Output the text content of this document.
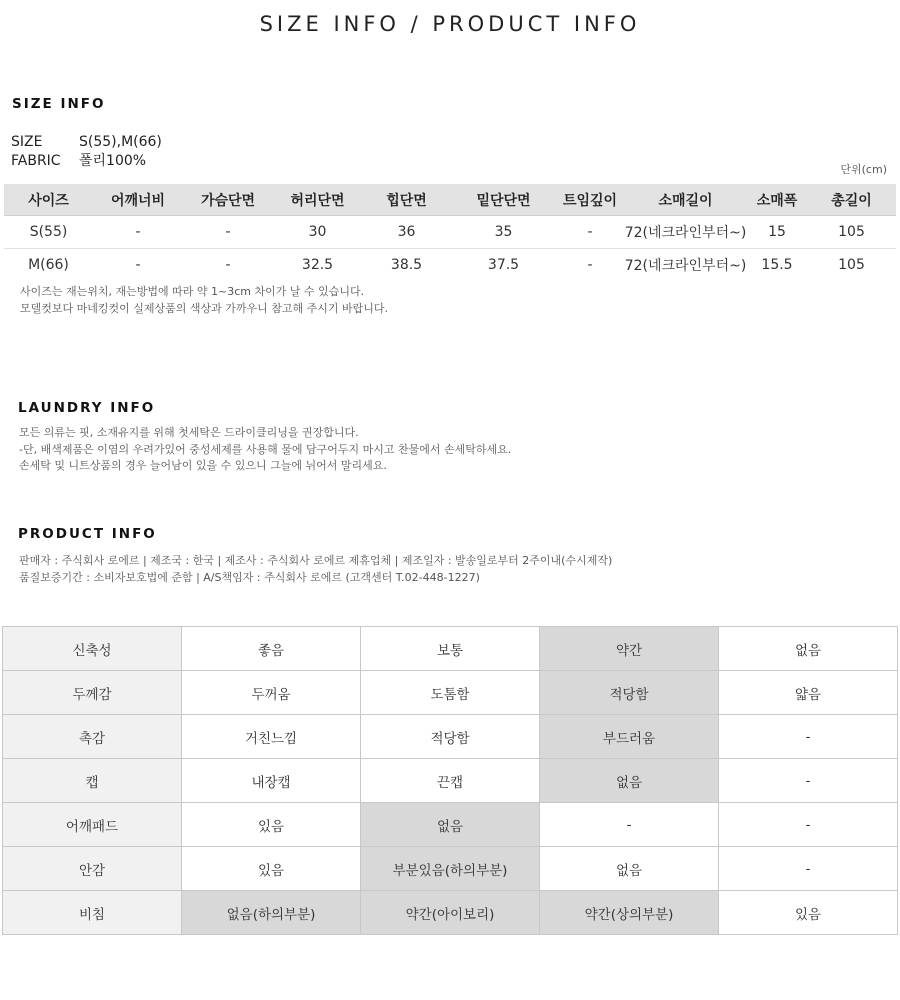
SIZE INFO / PRODUCT INFO
SIZE INFO
SIZE	S(55),M(66)
FABRIC 폴리100%
단위(cm)
사이즈	어깨너비	가슴단면	허리단면	힙단면	밑단단면	트임깊이	소매길이	소매폭	총길이
S(55)	-	-	30	36	35	-	72(네크라인부터~)	15	105
M(66)	-	-	32.5	38.5	37.5	-	72(네크라인부터~)	15.5	105
사이즈는 재는위치, 재는방법에 따라 약 1~3cm 차이가 날 수 있습니다.
모델컷보다 마네킹컷이 실제상품의 색상과 가까우니 참고해 주시기 바랍니다.
LAUNDRY INFO
모든 의류는 핏, 소재유지를 위해 첫세탁은 드라이클리닝을 권장합니다.
-단, 배색제품은 이염의 우려가있어 중성세제를 사용해 물에 담구어두지 마시고 찬물에서 손세탁하세요.
손세탁 및 니트상품의 경우 늘어남이 있을 수 있으니 그늘에 뉘어서 말리세요.
PRODUCT INFO
판매자 : 주식회사 로에르 | 제조국 : 한국 | 제조사 : 주식회사 로에르 제휴업체 | 제조일자 : 발송일로부터 2주이내(수시제작)
품질보증기간 : 소비자보호법에 준함 | A/S책임자 : 주식회사 로에르 (고객센터 T.02-448-1227)
신축성	좋음	보통	약간	없음
두께감	두꺼움	도톰함	적당함	얇음
촉감	거친느낌	적당함	부드러움	-
캡	내장캡	끈캡	없음	-
어깨패드	있음	없음	-	-
안감	있음	부분있음(하의부분)	없음	-
비침	없음(하의부분)	약간(아이보리)	약간(상의부분)	있음
